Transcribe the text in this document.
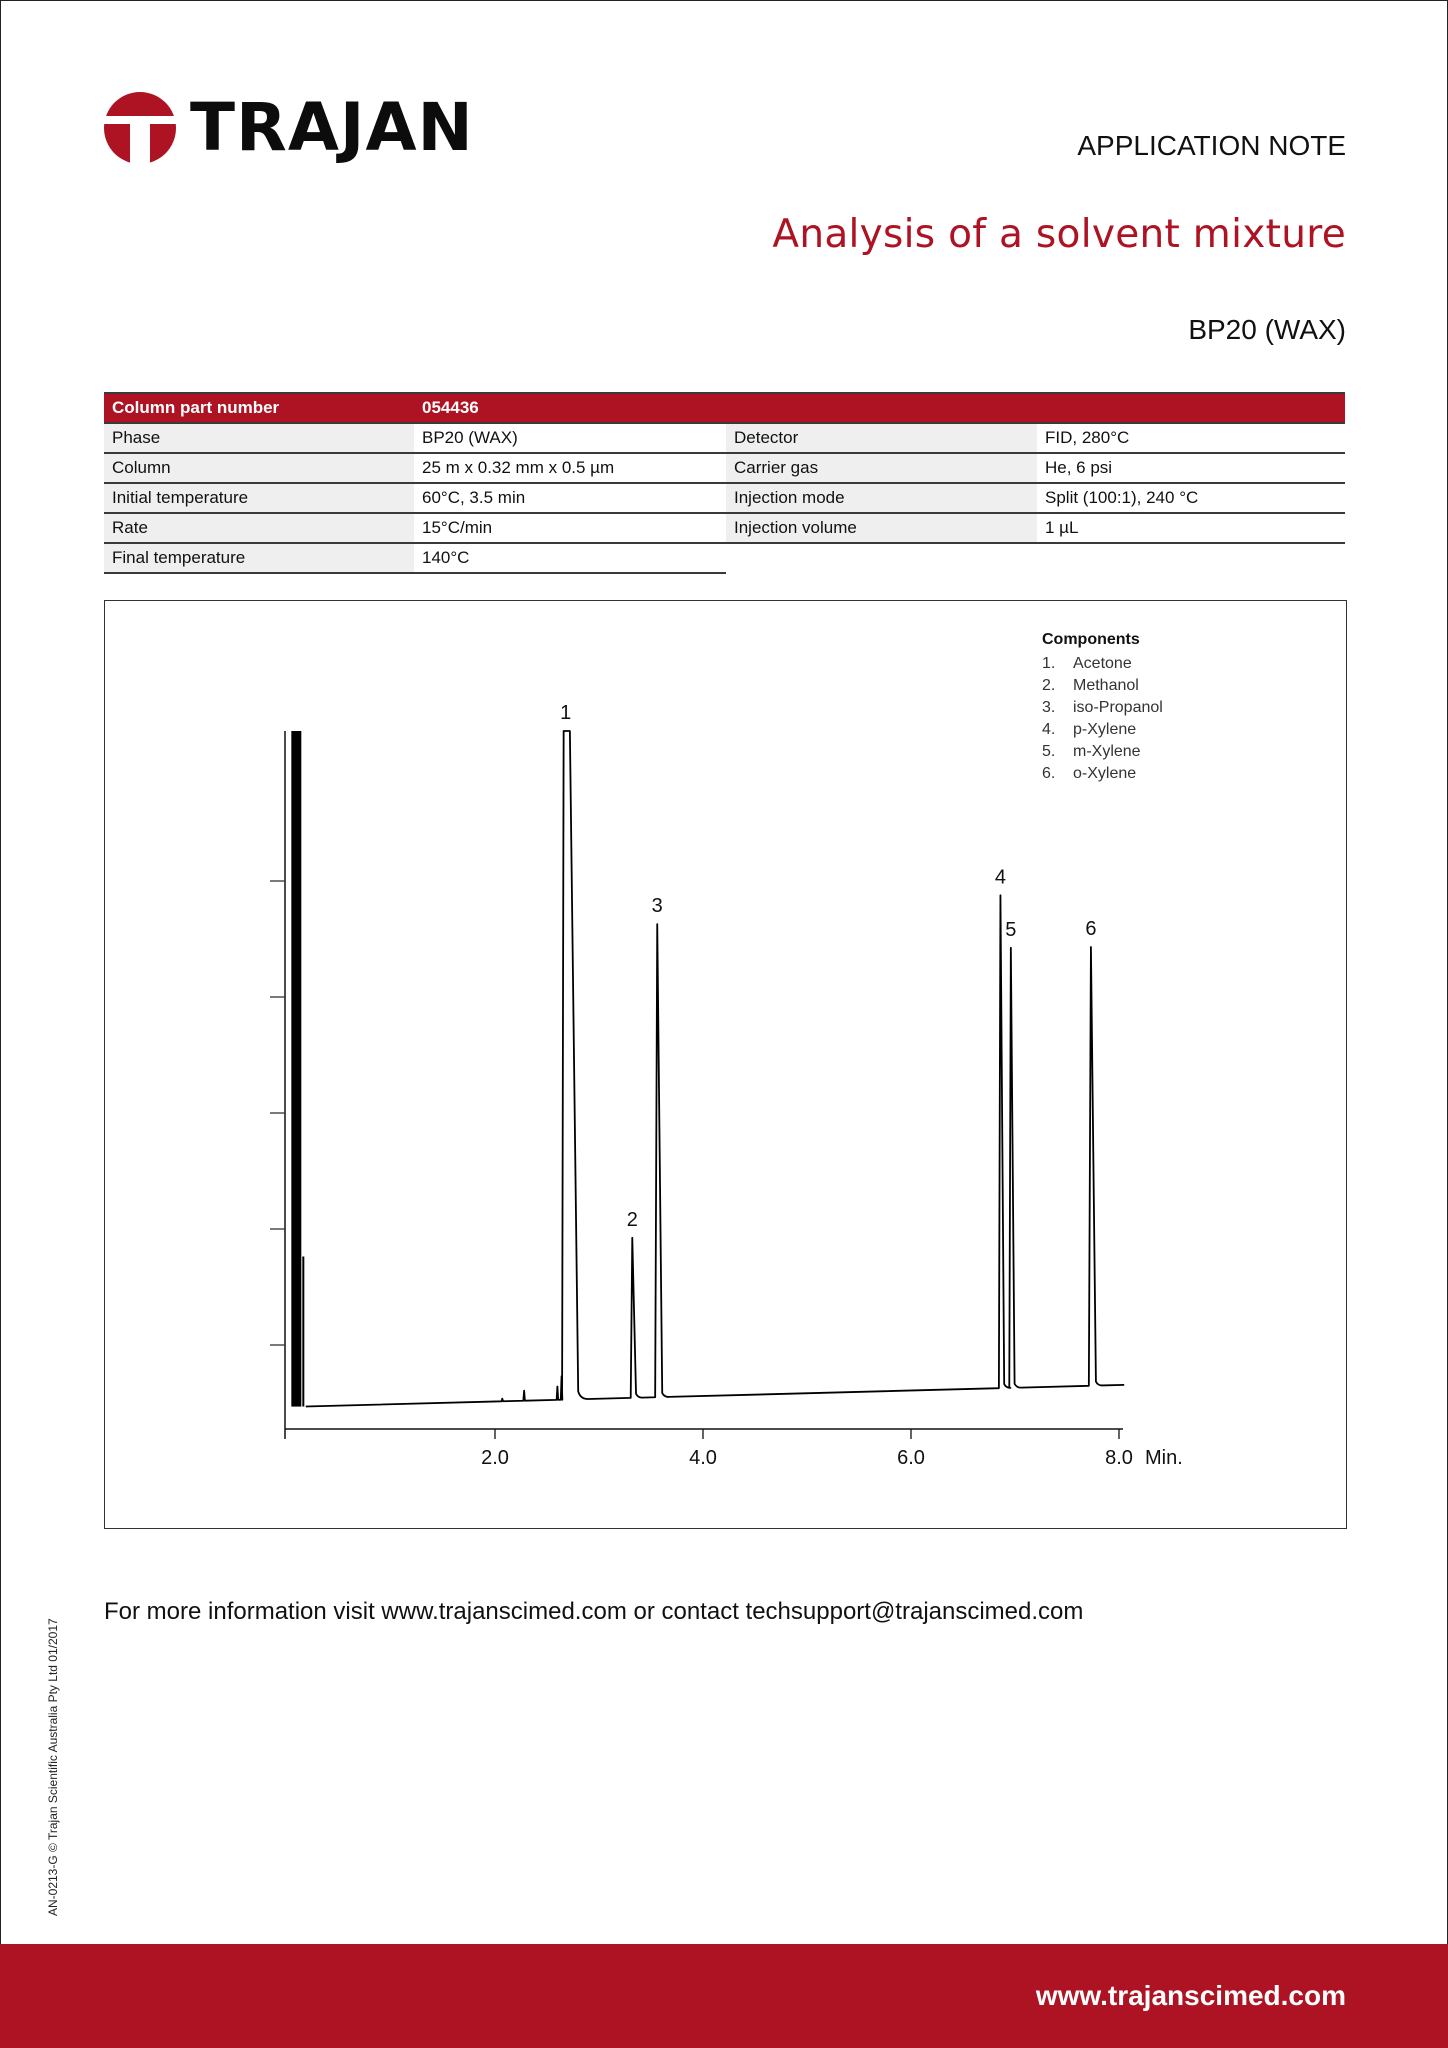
TRAJAN	APPLICATION NOTE
Analysis of a solvent mixture
BP20 (WAX)
Column part number	054436		
Phase	BP20 (WAX)	Detector	FID, 280°C
Column	25 m x 0.32 mm x 0.5 µm	Carrier gas	He, 6 psi
Initial temperature	60°C, 3.5 min	Injection mode	Split (100:1), 240 °C
Rate	15°C/min	Injection volume	1 µL
Final temperature	140°C		
2.0	4.0	6.0	8.0 Min.
1
2
3
4
5	6
Components
1.	Acetone
2.	Methanol
3.	iso-Propanol
4.	p-Xylene
5.	m-Xylene
6.	o-Xylene
For more information visit www.trajanscimed.com or contact techsupport@trajanscimed.com
AN-0213-G © Trajan Scientific Australia Pty Ltd 01/2017
www.trajanscimed.com
